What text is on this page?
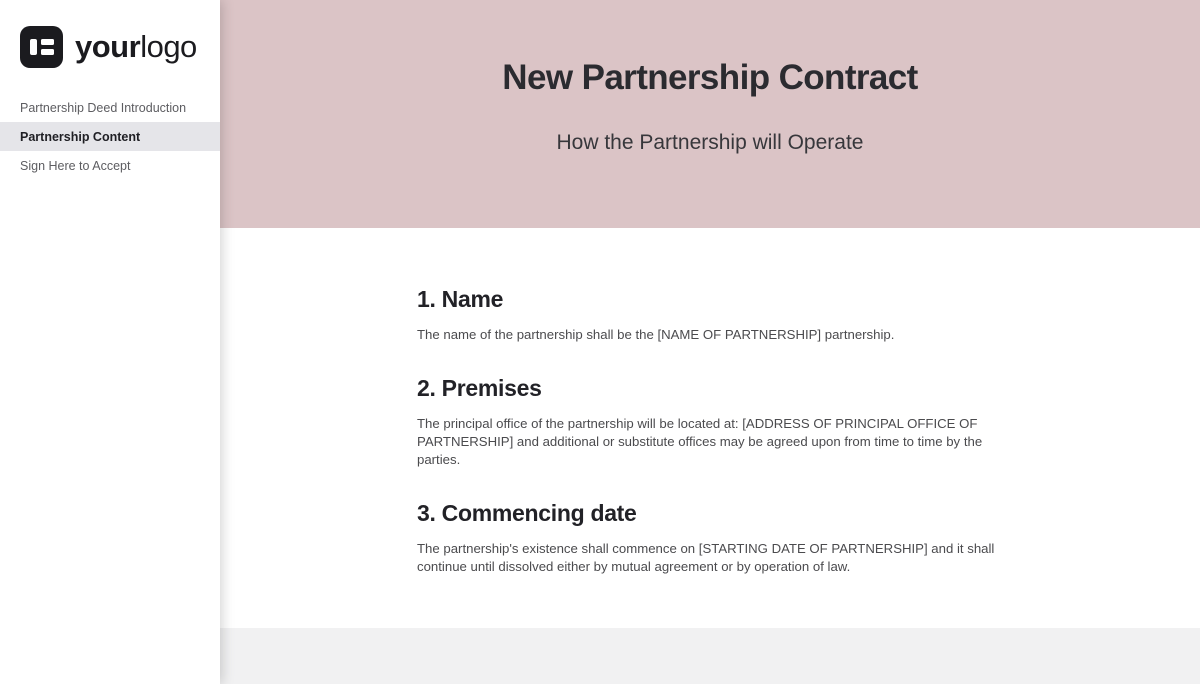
yourlogo
Partnership Deed Introduction
Partnership Content
Sign Here to Accept
New Partnership Contract
How the Partnership will Operate
1. Name

The name of the partnership shall be the [NAME OF PARTNERSHIP] partnership.

2. Premises

The principal office of the partnership will be located at: [ADDRESS OF PRINCIPAL OFFICE OF PARTNERSHIP] and additional or substitute offices may be agreed upon from time to time by the parties.

3. Commencing date

The partnership's existence shall commence on [STARTING DATE OF PARTNERSHIP] and it shall continue until dissolved either by mutual agreement or by operation of law.
